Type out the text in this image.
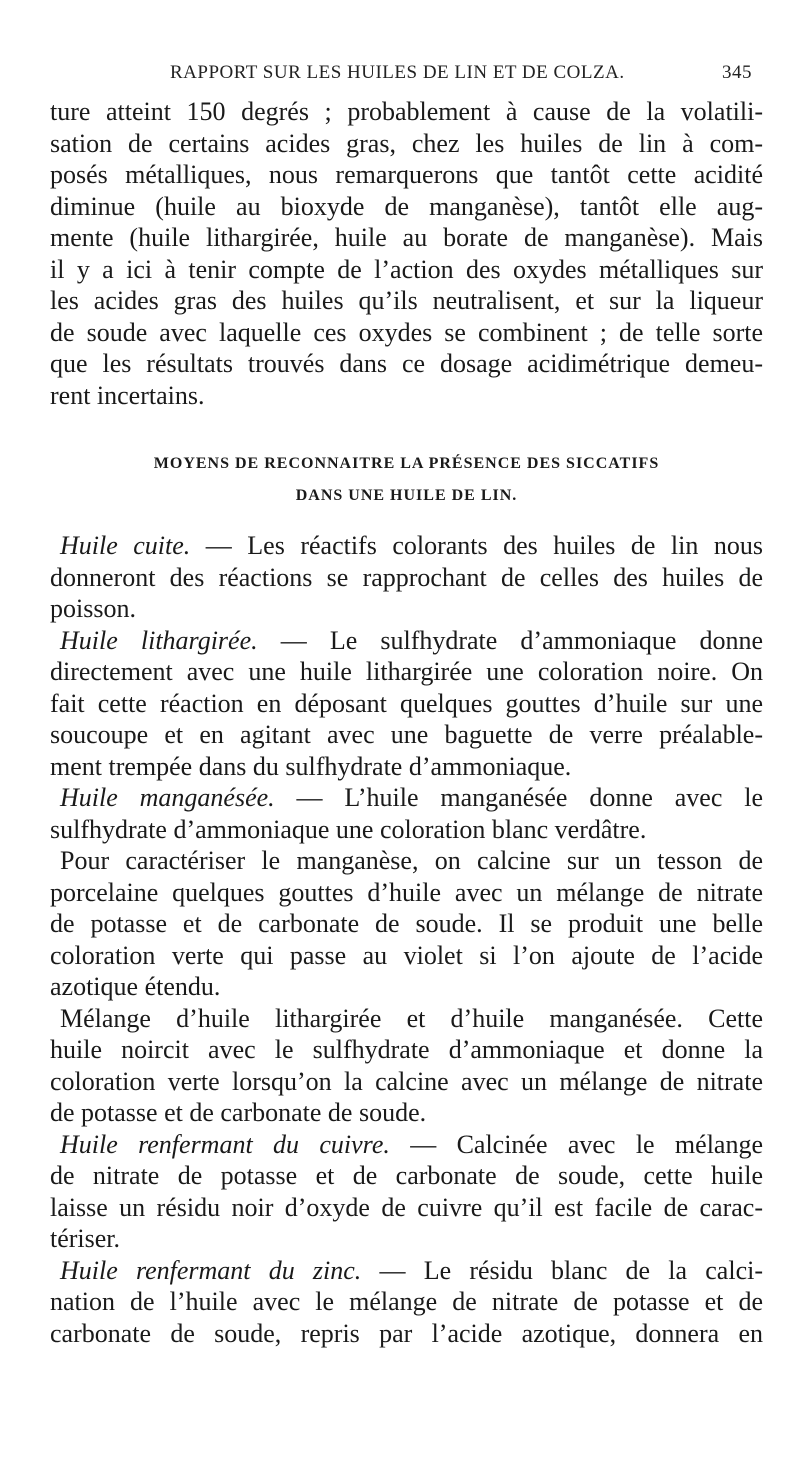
RAPPORT SUR LES HUILES DE LIN ET DE COLZA.	345
ture atteint 150 degrés ; probablement à cause de la volatili-
sation de certains acides gras, chez les huiles de lin à com-
posés métalliques, nous remarquerons que tantôt cette acidité
diminue (huile au bioxyde de manganèse), tantôt elle aug-
mente (huile lithargirée, huile au borate de manganèse). Mais
il y a ici à tenir compte de l’action des oxydes métalliques sur
les acides gras des huiles qu’ils neutralisent, et sur la liqueur
de soude avec laquelle ces oxydes se combinent ; de telle sorte
que les résultats trouvés dans ce dosage acidimétrique demeu-
rent incertains.
MOYENS DE RECONNAITRE LA PRÉSENCE DES SICCATIFS
DANS UNE HUILE DE LIN.
Huile cuite. — Les réactifs colorants des huiles de lin nous
donneront des réactions se rapprochant de celles des huiles de
poisson.
Huile lithargirée. — Le sulfhydrate d’ammoniaque donne
directement avec une huile lithargirée une coloration noire. On
fait cette réaction en déposant quelques gouttes d’huile sur une
soucoupe et en agitant avec une baguette de verre préalable-
ment trempée dans du sulfhydrate d’ammoniaque.
Huile manganésée. — L’huile manganésée donne avec le
sulfhydrate d’ammoniaque une coloration blanc verdâtre.
Pour caractériser le manganèse, on calcine sur un tesson de
porcelaine quelques gouttes d’huile avec un mélange de nitrate
de potasse et de carbonate de soude. Il se produit une belle
coloration verte qui passe au violet si l’on ajoute de l’acide
azotique étendu.
Mélange d’huile lithargirée et d’huile manganésée. Cette
huile noircit avec le sulfhydrate d’ammoniaque et donne la
coloration verte lorsqu’on la calcine avec un mélange de nitrate
de potasse et de carbonate de soude.
Huile renfermant du cuivre. — Calcinée avec le mélange
de nitrate de potasse et de carbonate de soude, cette huile
laisse un résidu noir d’oxyde de cuivre qu’il est facile de carac-
tériser.
Huile renfermant du zinc. — Le résidu blanc de la calci-
nation de l’huile avec le mélange de nitrate de potasse et de
carbonate de soude, repris par l’acide azotique, donnera en
